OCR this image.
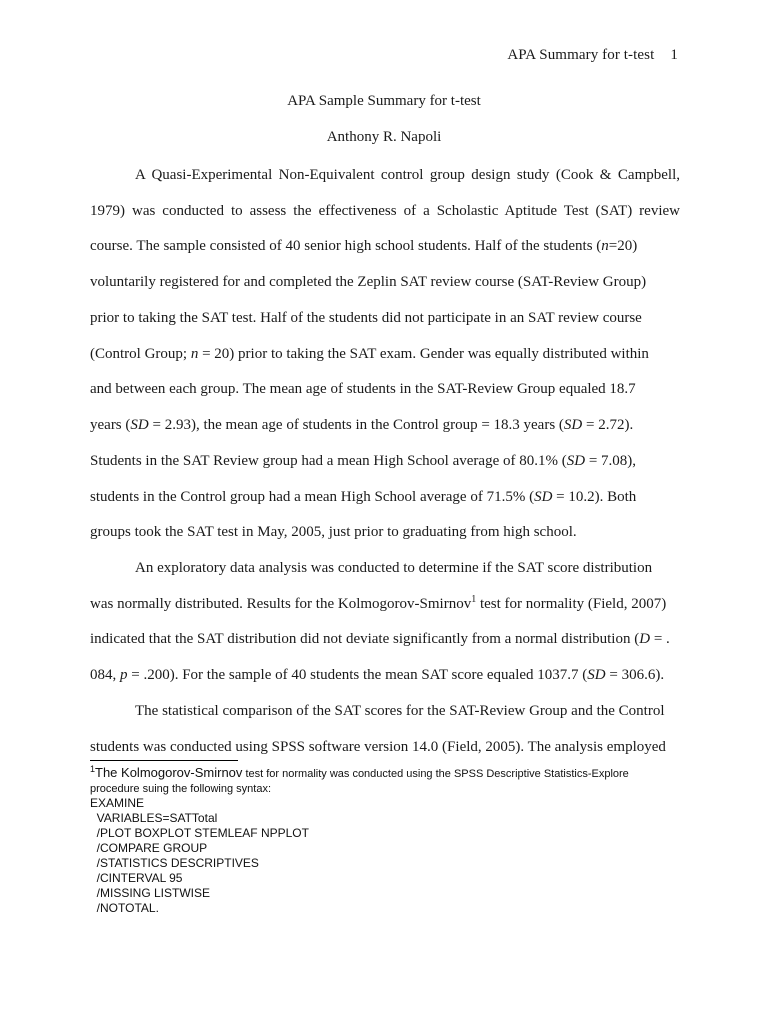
APA Summary for t-test 1
APA Sample Summary for t-test
Anthony R. Napoli
A Quasi-Experimental Non-Equivalent control group design study (Cook & Campbell,
1979) was conducted to assess the effectiveness of a Scholastic Aptitude Test (SAT) review
course. The sample consisted of 40 senior high school students. Half of the students (n=20)
voluntarily registered for and completed the Zeplin SAT review course (SAT-Review Group)
prior to taking the SAT test. Half of the students did not participate in an SAT review course
(Control Group; n = 20) prior to taking the SAT exam. Gender was equally distributed within
and between each group. The mean age of students in the SAT-Review Group equaled 18.7
years (SD = 2.93), the mean age of students in the Control group = 18.3 years (SD = 2.72).
Students in the SAT Review group had a mean High School average of 80.1% (SD = 7.08),
students in the Control group had a mean High School average of 71.5% (SD = 10.2). Both
groups took the SAT test in May, 2005, just prior to graduating from high school.
An exploratory data analysis was conducted to determine if the SAT score distribution
was normally distributed. Results for the Kolmogorov-Smirnov$^1$ test for normality (Field, 2007)
indicated that the SAT distribution did not deviate significantly from a normal distribution (D = .
084, p = .200). For the sample of 40 students the mean SAT score equaled 1037.7 (SD = 306.6).
The statistical comparison of the SAT scores for the SAT-Review Group and the Control
students was conducted using SPSS software version 14.0 (Field, 2005). The analysis employed
$^1$The Kolmogorov-Smirnov test for normality was conducted using the SPSS Descriptive Statistics-Explore
procedure suing the following syntax:
EXAMINE
VARIABLES=SATTotal
/PLOT BOXPLOT STEMLEAF NPPLOT
/COMPARE GROUP
/STATISTICS DESCRIPTIVES
/CINTERVAL 95
/MISSING LISTWISE
/NOTOTAL.
